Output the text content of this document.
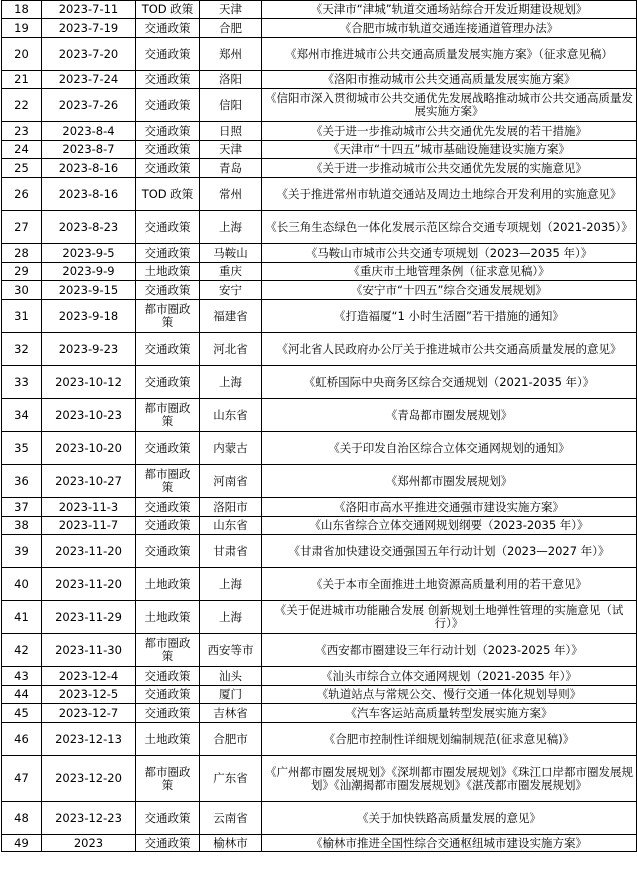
18	2023-7-11	TOD 政策	天津	《天津市“津城”轨道交通场站综合开发近期建设规划》
19	2023-7-19	交通政策	合肥	《合肥市城市轨道交通连接通道管理办法》
20	2023-7-20	交通政策	郑州	《郑州市推进城市公共交通高质量发展实施方案》（征求意见稿）
21	2023-7-24	交通政策	洛阳	《洛阳市推动城市公共交通高质量发展实施方案》
22	2023-7-26	交通政策	信阳	《信阳市深入贯彻城市公共交通优先发展战略推动城市公共交通高质量发展实施方案》
23	2023-8-4	交通政策	日照	《关于进一步推动城市公共交通优先发展的若干措施》
24	2023-8-7	交通政策	天津	《天津市“十四五”城市基础设施建设实施方案》
25	2023-8-16	交通政策	青岛	《关于进一步推动城市公共交通优先发展的实施意见》
26	2023-8-16	TOD 政策	常州	《关于推进常州市轨道交通站及周边土地综合开发利用的实施意见》
27	2023-8-23	交通政策	上海	《长三角生态绿色一体化发展示范区综合交通专项规划（2021-2035）》
28	2023-9-5	交通政策	马鞍山	《马鞍山市城市公共交通专项规划（2023—2035 年）》
29	2023-9-9	土地政策	重庆	《重庆市土地管理条例（征求意见稿）》
30	2023-9-15	交通政策	安宁	《安宁市“十四五”综合交通发展规划》
31	2023-9-18	都市圈政策	福建省	《打造福厦“1 小时生活圈”若干措施的通知》
32	2023-9-23	交通政策	河北省	《河北省人民政府办公厅关于推进城市公共交通高质量发展的意见》
33	2023-10-12	交通政策	上海	《虹桥国际中央商务区综合交通规划（2021-2035 年）》
34	2023-10-23	都市圈政策	山东省	《青岛都市圈发展规划》
35	2023-10-20	交通政策	内蒙古	《关于印发自治区综合立体交通网规划的通知》
36	2023-10-27	都市圈政策	河南省	《郑州都市圈发展规划》
37	2023-11-3	交通政策	洛阳市	《洛阳市高水平推进交通强市建设实施方案》
38	2023-11-7	交通政策	山东省	《山东省综合立体交通网规划纲要（2023-2035 年）》
39	2023-11-20	交通政策	甘肃省	《甘肃省加快建设交通强国五年行动计划（2023—2027 年）》
40	2023-11-20	土地政策	上海	《关于本市全面推进土地资源高质量利用的若干意见》
41	2023-11-29	土地政策	上海	《关于促进城市功能融合发展 创新规划土地弹性管理的实施意见（试行）》
42	2023-11-30	都市圈政策	西安等市	《西安都市圈建设三年行动计划（2023-2025 年）》
43	2023-12-4	交通政策	汕头	《汕头市综合立体交通网规划（2021-2035 年）》
44	2023-12-5	交通政策	厦门	《轨道站点与常规公交、慢行交通一体化规划导则》
45	2023-12-7	交通政策	吉林省	《汽车客运站高质量转型发展实施方案》
46	2023-12-13	土地政策	合肥市	《合肥市控制性详细规划编制规范(征求意见稿)》
47	2023-12-20	都市圈政策	广东省	《广州都市圈发展规划》《深圳都市圈发展规划》《珠江口岸都市圈发展规划》《汕潮揭都市圈发展规划》《湛茂都市圈发展规划》
48	2023-12-23	交通政策	云南省	《关于加快铁路高质量发展的意见》
49	2023	交通政策	榆林市	《榆林市推进全国性综合交通枢纽城市建设实施方案》
